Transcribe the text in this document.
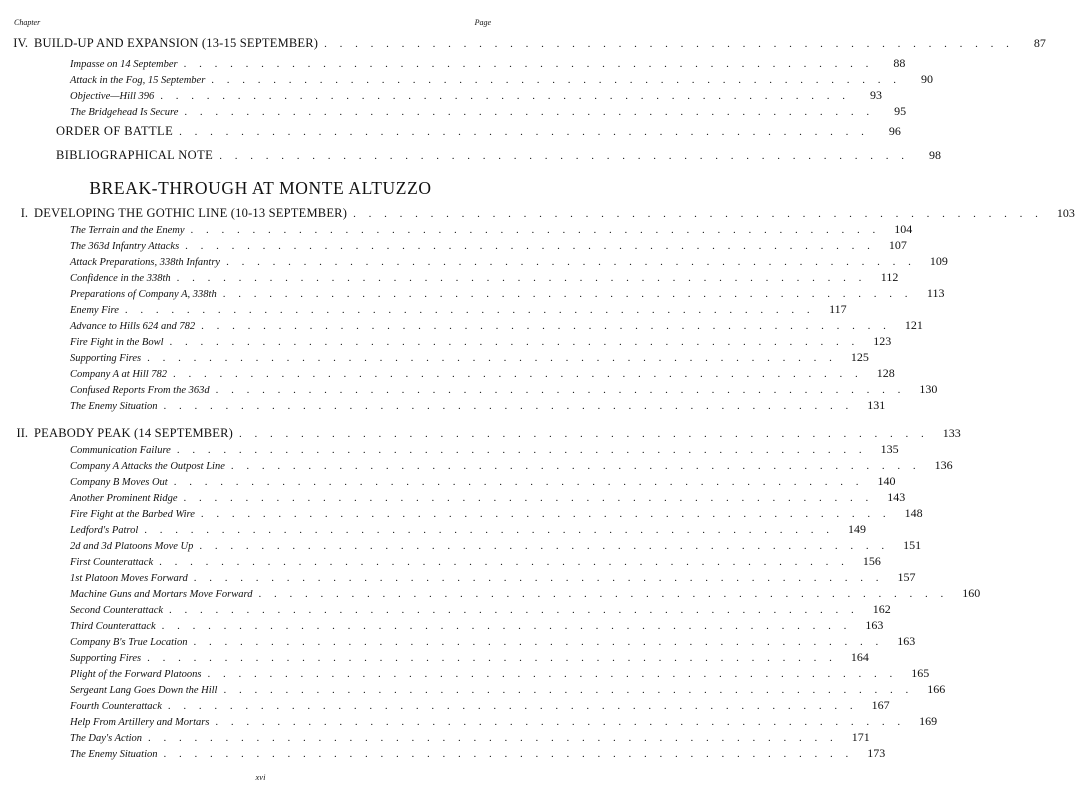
Chapter	Page
IV. BUILD-UP AND EXPANSION (13-15 SEPTEMBER) . . . . . . . . . . . . . . . . . . . . . . . . . . . . . . . . . . . . . . . . . . . . .	87
Impasse on 14 September . . . . . . . . . . . . . . . . . . . . . . . . . . . . . . . . . . . . . . . . . . . . .	88
Attack in the Fog, 15 September . . . . . . . . . . . . . . . . . . . . . . . . . . . . . . . . . . . . . . . . . . . . .	90
Objective—Hill 396 . . . . . . . . . . . . . . . . . . . . . . . . . . . . . . . . . . . . . . . . . . . . .	93
The Bridgehead Is Secure . . . . . . . . . . . . . . . . . . . . . . . . . . . . . . . . . . . . . . . . . . . . .	95
ORDER OF BATTLE . . . . . . . . . . . . . . . . . . . . . . . . . . . . . . . . . . . . . . . . . . . . .	96
BIBLIOGRAPHICAL NOTE . . . . . . . . . . . . . . . . . . . . . . . . . . . . . . . . . . . . . . . . . . . . .	98
BREAK-THROUGH AT MONTE ALTUZZO
I. DEVELOPING THE GOTHIC LINE (10-13 SEPTEMBER) . . . . . . . . . . . . . . . . . . . . . . . . . . . . . . . . . . . . . . . . . . . . .	103
The Terrain and the Enemy . . . . . . . . . . . . . . . . . . . . . . . . . . . . . . . . . . . . . . . . . . . . .	104
The 363d Infantry Attacks . . . . . . . . . . . . . . . . . . . . . . . . . . . . . . . . . . . . . . . . . . . . .	107
Attack Preparations, 338th Infantry . . . . . . . . . . . . . . . . . . . . . . . . . . . . . . . . . . . . . . . . . . . . .	109
Confidence in the 338th . . . . . . . . . . . . . . . . . . . . . . . . . . . . . . . . . . . . . . . . . . . . .	112
Preparations of Company A, 338th . . . . . . . . . . . . . . . . . . . . . . . . . . . . . . . . . . . . . . . . . . . . .	113
Enemy Fire . . . . . . . . . . . . . . . . . . . . . . . . . . . . . . . . . . . . . . . . . . . . .	117
Advance to Hills 624 and 782 . . . . . . . . . . . . . . . . . . . . . . . . . . . . . . . . . . . . . . . . . . . . .	121
Fire Fight in the Bowl . . . . . . . . . . . . . . . . . . . . . . . . . . . . . . . . . . . . . . . . . . . . .	123
Supporting Fires . . . . . . . . . . . . . . . . . . . . . . . . . . . . . . . . . . . . . . . . . . . . .	125
Company A at Hill 782 . . . . . . . . . . . . . . . . . . . . . . . . . . . . . . . . . . . . . . . . . . . . .	128
Confused Reports From the 363d . . . . . . . . . . . . . . . . . . . . . . . . . . . . . . . . . . . . . . . . . . . . .	130
The Enemy Situation . . . . . . . . . . . . . . . . . . . . . . . . . . . . . . . . . . . . . . . . . . . . .	131
II. PEABODY PEAK (14 SEPTEMBER) . . . . . . . . . . . . . . . . . . . . . . . . . . . . . . . . . . . . . . . . . . . . .	133
Communication Failure . . . . . . . . . . . . . . . . . . . . . . . . . . . . . . . . . . . . . . . . . . . . .	135
Company A Attacks the Outpost Line . . . . . . . . . . . . . . . . . . . . . . . . . . . . . . . . . . . . . . . . . . . . .	136
Company B Moves Out . . . . . . . . . . . . . . . . . . . . . . . . . . . . . . . . . . . . . . . . . . . . .	140
Another Prominent Ridge . . . . . . . . . . . . . . . . . . . . . . . . . . . . . . . . . . . . . . . . . . . . .	143
Fire Fight at the Barbed Wire . . . . . . . . . . . . . . . . . . . . . . . . . . . . . . . . . . . . . . . . . . . . .	148
Ledford's Patrol . . . . . . . . . . . . . . . . . . . . . . . . . . . . . . . . . . . . . . . . . . . . .	149
2d and 3d Platoons Move Up . . . . . . . . . . . . . . . . . . . . . . . . . . . . . . . . . . . . . . . . . . . . .	151
First Counterattack . . . . . . . . . . . . . . . . . . . . . . . . . . . . . . . . . . . . . . . . . . . . .	156
1st Platoon Moves Forward . . . . . . . . . . . . . . . . . . . . . . . . . . . . . . . . . . . . . . . . . . . . .	157
Machine Guns and Mortars Move Forward . . . . . . . . . . . . . . . . . . . . . . . . . . . . . . . . . . . . . . . . . . . . .	160
Second Counterattack . . . . . . . . . . . . . . . . . . . . . . . . . . . . . . . . . . . . . . . . . . . . .	162
Third Counterattack . . . . . . . . . . . . . . . . . . . . . . . . . . . . . . . . . . . . . . . . . . . . .	163
Company B's True Location . . . . . . . . . . . . . . . . . . . . . . . . . . . . . . . . . . . . . . . . . . . . .	163
Supporting Fires . . . . . . . . . . . . . . . . . . . . . . . . . . . . . . . . . . . . . . . . . . . . .	164
Plight of the Forward Platoons . . . . . . . . . . . . . . . . . . . . . . . . . . . . . . . . . . . . . . . . . . . . .	165
Sergeant Lang Goes Down the Hill . . . . . . . . . . . . . . . . . . . . . . . . . . . . . . . . . . . . . . . . . . . . .	166
Fourth Counterattack . . . . . . . . . . . . . . . . . . . . . . . . . . . . . . . . . . . . . . . . . . . . .	167
Help From Artillery and Mortars . . . . . . . . . . . . . . . . . . . . . . . . . . . . . . . . . . . . . . . . . . . . .	169
The Day's Action . . . . . . . . . . . . . . . . . . . . . . . . . . . . . . . . . . . . . . . . . . . . .	171
The Enemy Situation . . . . . . . . . . . . . . . . . . . . . . . . . . . . . . . . . . . . . . . . . . . . .	173
xvi
